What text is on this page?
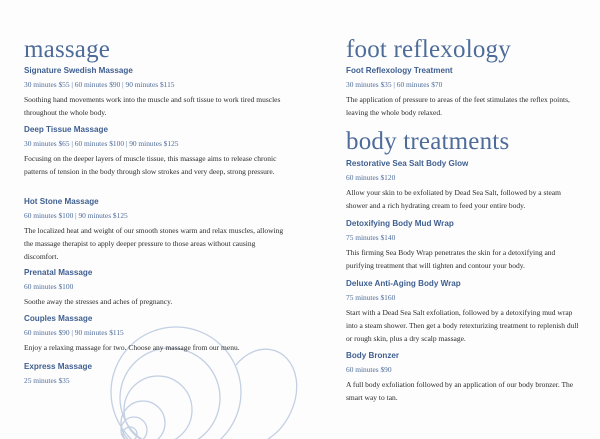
massage
Signature Swedish Massage
30 minutes $55 | 60 minutes $90 | 90 minutes $115
Soothing hand movements work into the muscle and soft tissue to work tired muscles throughout the whole body.
Deep Tissue Massage
30 minutes $65 | 60 minutes $100 | 90 minutes $125
Focusing on the deeper layers of muscle tissue, this massage aims to release chronic patterns of tension in the body through slow strokes and very deep, strong pressure.
Hot Stone Massage
60 minutes $100 | 90 minutes $125
The localized heat and weight of our smooth stones warm and relax muscles, allowing the massage therapist to apply deeper pressure to those areas without causing discomfort.
Prenatal Massage
60 minutes $100
Soothe away the stresses and aches of pregnancy.
Couples Massage
60 minutes $90 | 90 minutes $115
Enjoy a relaxing massage for two. Choose any massage from our menu.
Express Massage
25 minutes $35
foot reflexology
Foot Reflexology Treatment
30 minutes $35 | 60 minutes $70
The application of pressure to areas of the feet stimulates the reflex points, leaving the whole body relaxed.
body treatments
Restorative Sea Salt Body Glow
60 minutes $120
Allow your skin to be exfoliated by Dead Sea Salt, followed by a steam shower and a rich hydrating cream to feed your entire body.
Detoxifying Body Mud Wrap
75 minutes $140
This firming Sea Body Wrap penetrates the skin for a detoxifying and purifying treatment that will tighten and contour your body.
Deluxe Anti-Aging Body Wrap
75 minutes $160
Start with a Dead Sea Salt exfoliation, followed by a detoxifying mud wrap into a steam shower. Then get a body retexturizing treatment to replenish dull or rough skin, plus a dry scalp massage.
Body Bronzer
60 minutes $90
A full body exfoliation followed by an application of our body bronzer. The smart way to tan.
